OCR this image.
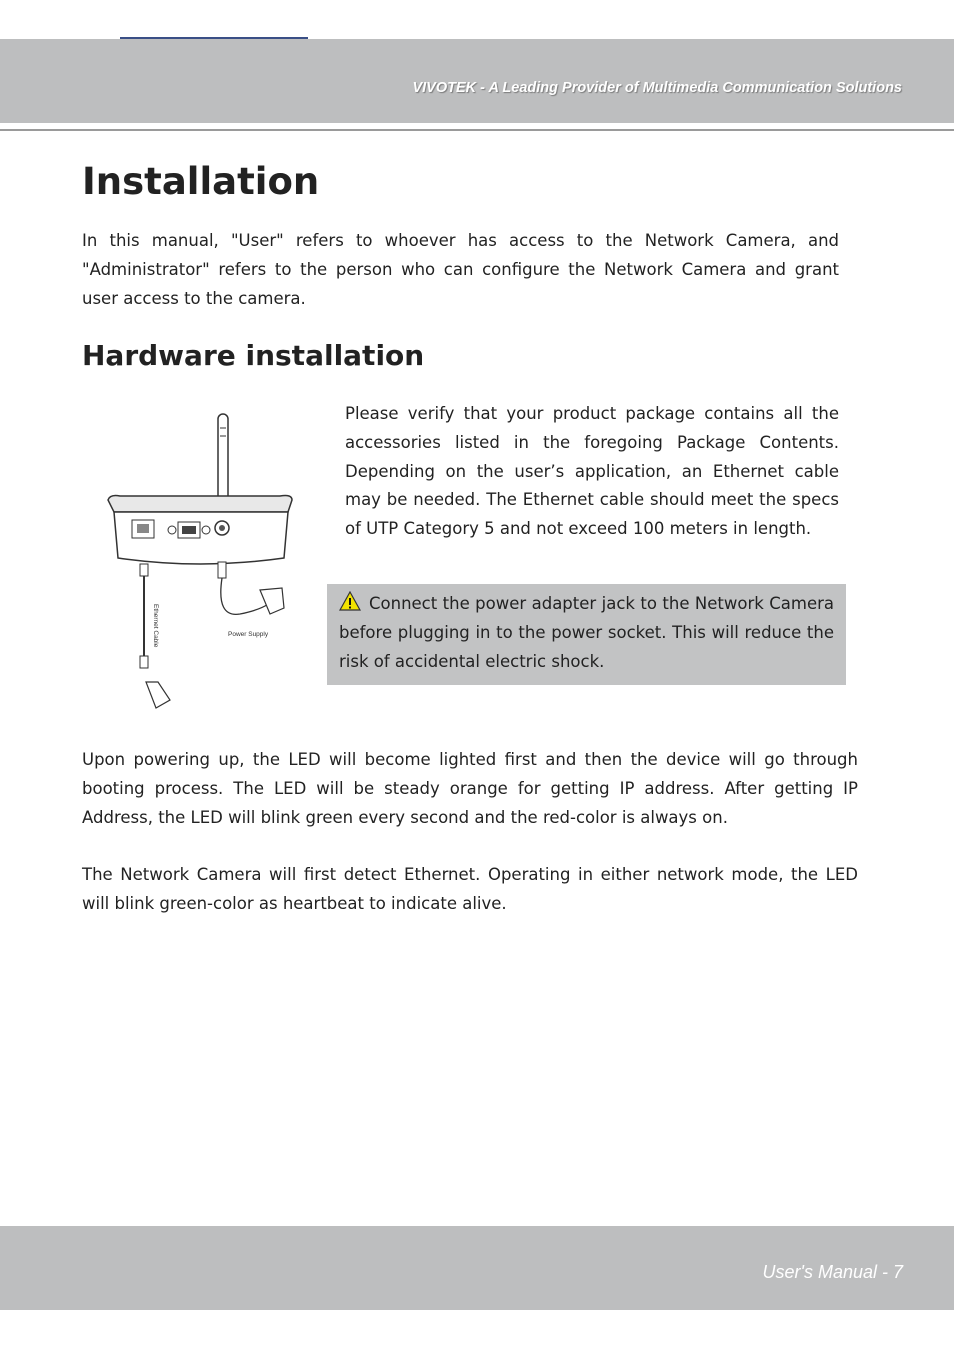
VIVOTEK - A Leading Provider of Multimedia Communication Solutions
Installation

In this manual, "User" refers to whoever has access to the Network Camera, and "Administrator" refers to the person who can configure the Network Camera and grant user access to the camera.

Hardware installation
Ethernet Cable	Power Supply

Please verify that your product package contains all the accessories listed in the foregoing Package Contents. Depending on the user’s application, an Ethernet cable may be needed. The Ethernet cable should meet the specs of UTP Category 5 and not exceed 100 meters in length.

Connect the power adapter jack to the Network Camera before plugging in to the power socket. This will reduce the risk of accidental electric shock.

Upon powering up, the LED will become lighted first and then the device will go through booting process. The LED will be steady orange for getting IP address. After getting IP Address, the LED will blink green every second and the red-color is always on.

The Network Camera will first detect Ethernet. Operating in either network mode, the LED will blink green-color as heartbeat to indicate alive.

User's Manual - 7
